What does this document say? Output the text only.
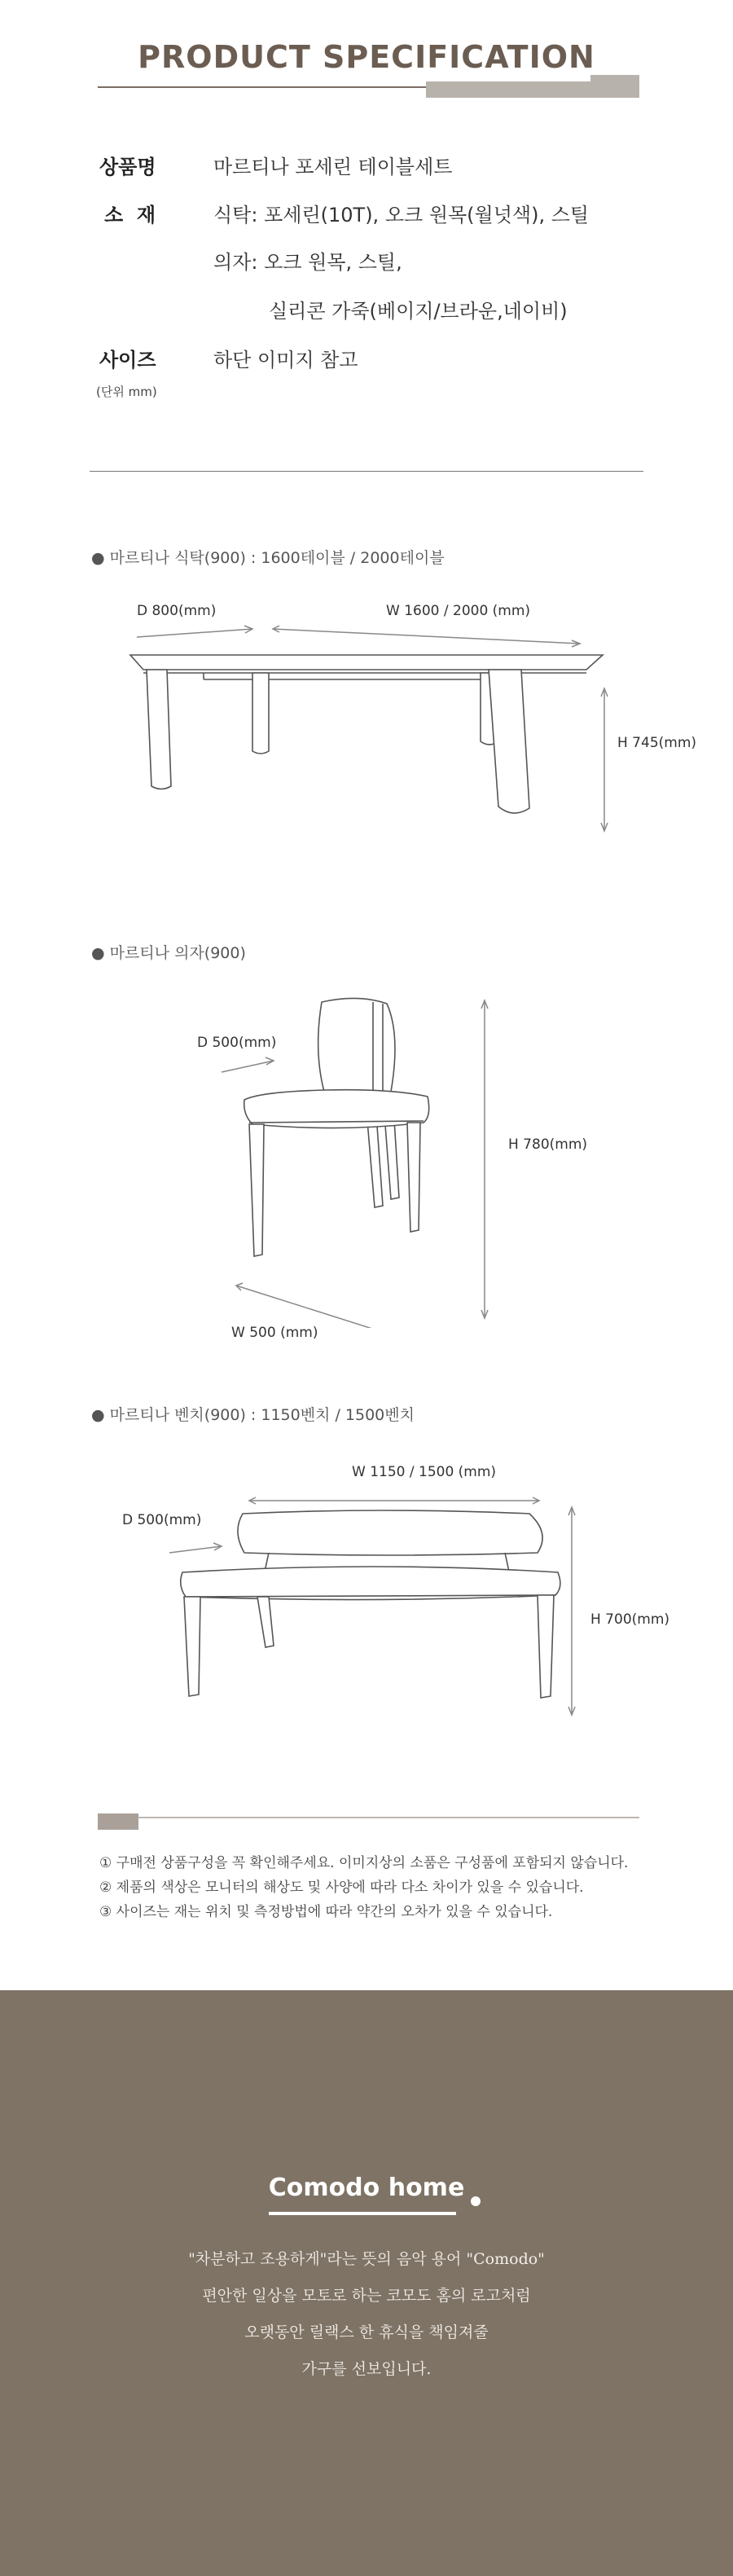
PRODUCT SPECIFICATION
상품명	마르티나 포세린 테이블세트
소  재	식탁: 포세린(10T), 오크 원목(월넛색), 스틸
의자: 오크 원목, 스틸,
실리콘 가죽(베이지/브라운,네이비)
사이즈	하단 이미지 참고
(단위 mm)
● 마르티나 식탁(900) : 1600테이블 / 2000테이블
D 800(mm)	W 1600 / 2000 (mm)
H 745(mm)
● 마르티나 의자(900)
D 500(mm)
H 780(mm)
W 500 (mm)
● 마르티나 벤치(900) : 1150벤치 / 1500벤치
W 1150 / 1500 (mm)
D 500(mm)
H 700(mm)
① 구매전 상품구성을 꼭 확인해주세요. 이미지상의 소품은 구성품에 포함되지 않습니다.
② 제품의 색상은 모니터의 해상도 및 사양에 따라 다소 차이가 있을 수 있습니다.
③ 사이즈는 재는 위치 및 측정방법에 따라 약간의 오차가 있을 수 있습니다.
Comodo home
"차분하고 조용하게"라는 뜻의 음악 용어 "Comodo"
편안한 일상을 모토로 하는 코모도 홈의 로고처럼
오랫동안 릴랙스 한 휴식을 책임져줄
가구를 선보입니다.
